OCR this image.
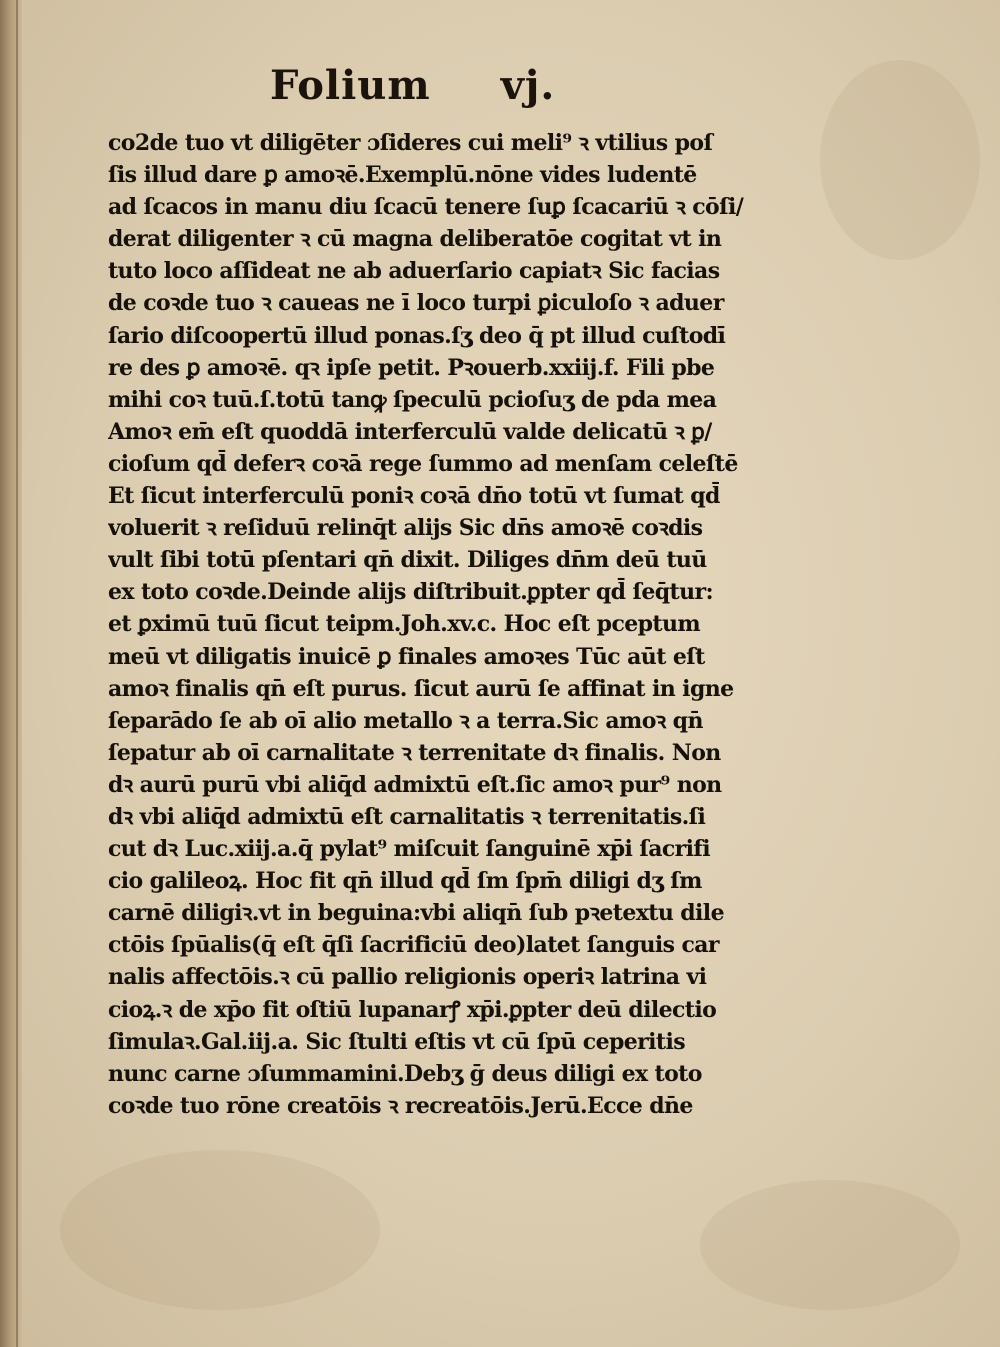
Folium vj.
co2de tuo vt diligēter ɔſideres cui meli⁹ ꝛ vtilius poſ
ſis illud dare ꝑ amoꝛē.Exemplū.nōne vides ludentē
ad ſcacos in manu diu ſcacū tenere ſuꝑ ſcacariū ꝛ cōſi/
derat diligenter ꝛ cū magna deliberatōe cogitat vt in
tuto loco aſſideat ne ab aduerſario capiatꝛ Sic facias
de coꝛde tuo ꝛ caueas ne ī loco turpi ꝑiculoſo ꝛ aduer
ſario diſcoopertū illud ponas.ſʒ deo q̄ pt illud cuſtodī
re des ꝑ amoꝛē. qꝛ ipſe petit. Pꝛouerb.xxiij.f. Fili pbe
mihi coꝛ tuū.ſ.totū tanꝙ ſpeculū pcioſuʒ de pda mea
Amoꝛ em̄ eſt quoddā interferculū valde delicatū ꝛ ꝑ/
cioſum qd̄ deferꝛ coꝛā rege ſummo ad menſam celeſtē
Et ſicut interferculū poniꝛ coꝛā dn̄o totū vt ſumat qd̄
voluerit ꝛ reſiduū relinq̄t alijs Sic dn̄s amoꝛē coꝛdis
vult ſibi totū pſentari qn̄ dixit. Diliges dn̄m deū tuū
ex toto coꝛde.Deinde alijs diſtribuit.ꝑpter qd̄ ſeq̄tur:
et ꝑximū tuū ſicut teipm.Joh.xv.c. Hoc eſt pceptum
meū vt diligatis inuicē ꝑ finales amoꝛes Tūc aūt eſt
amoꝛ finalis qn̄ eſt purus. ſicut aurū ſe affinat in igne
ſeparādo ſe ab oī alio metallo ꝛ a terra.Sic amoꝛ qn̄
ſepatur ab oī carnalitate ꝛ terrenitate dꝛ finalis. Non
dꝛ aurū purū vbi aliq̄d admixtū eſt.ſic amoꝛ pur⁹ non
dꝛ vbi aliq̄d admixtū eſt carnalitatis ꝛ terrenitatis.ſi
cut dꝛ Luc.xiij.a.q̄ pylat⁹ miſcuit ſanguinē xp̄i ſacrifi
cio galileoꝝ. Hoc fit qn̄ illud qd̄ ſm ſpm̄ diligi dʒ ſm
carnē diligiꝛ.vt in beguina:vbi aliqn̄ ſub pꝛetextu dile
ctōis ſpūalis(q̄ eſt q̄ſi ſacrificiū deo)latet ſanguis car
nalis affectōis.ꝛ cū pallio religionis operiꝛ latrina vi
cioꝝ.ꝛ de xp̄o fit oſtiū lupanarꝭ xp̄i.ꝑpter deū dilectio
ſimulaꝛ.Gal.iij.a. Sic ſtulti eſtis vt cū ſpū ceperitis
nunc carne ɔſummamini.Debʒ ḡ deus diligi ex toto
coꝛde tuo rōne creatōis ꝛ recreatōis.Jerū.Ecce dn̄e
